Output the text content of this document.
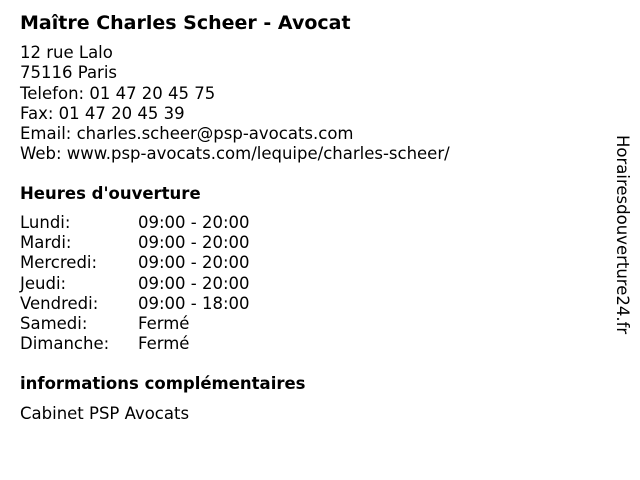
Maître Charles Scheer - Avocat
12 rue Lalo
75116 Paris
Telefon: 01 47 20 45 75
Fax: 01 47 20 45 39
Email: charles.scheer@psp-avocats.com
Web: www.psp-avocats.com/lequipe/charles-scheer/
Heures d'ouverture
Lundi:	09:00 - 20:00
Mardi:	09:00 - 20:00
Mercredi: 09:00 - 20:00
Jeudi:	09:00 - 20:00
Vendredi: 09:00 - 18:00
Samedi:	Fermé
Dimanche: Fermé
informations complémentaires
Cabinet PSP Avocats
Horairesdouverture24.fr
